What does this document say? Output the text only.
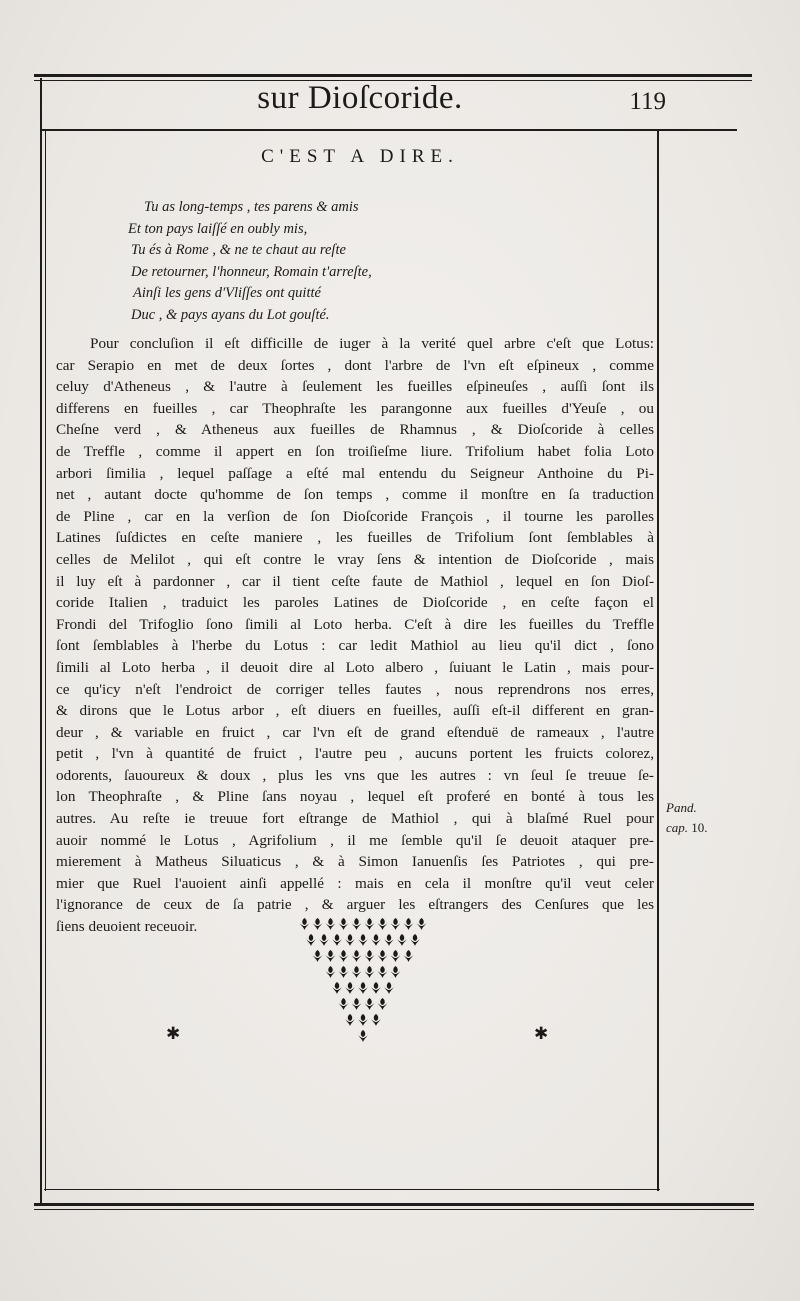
sur Dioſcoride.	119
C'EST A DIRE.
Tu as long-temps , tes parens & amis
Et ton pays laiſſé en oubly mis,
Tu és à Rome , & ne te chaut au reſte
De retourner, l'honneur, Romain t'arreſte,
Ainſi les gens d'Vliſſes ont quitté
Duc , & pays ayans du Lot gouſté.
Pour concluſion il eſt difficille de iuger à la verité quel arbre c'eſt que Lotus:
car Serapio en met de deux ſortes , dont l'arbre de l'vn eſt eſpineux , comme
celuy d'Atheneus , & l'autre à ſeulement les fueilles eſpineuſes , auſſi ſont ils
differens en fueilles , car Theophraſte les parangonne aux fueilles d'Yeuſe , ou
Cheſne verd , & Atheneus aux fueilles de Rhamnus , & Dioſcoride à celles
de Treffle , comme il appert en ſon troiſieſme liure. Trifolium habet folia Loto
arbori ſimilia , lequel paſſage a eſté mal entendu du Seigneur Anthoine du Pi-
net , autant docte qu'homme de ſon temps , comme il monſtre en ſa traduction
de Pline , car en la verſion de ſon Dioſcoride François , il tourne les parolles
Latines ſuſdictes en ceſte maniere , les fueilles de Trifolium ſont ſemblables à
celles de Melilot , qui eſt contre le vray ſens & intention de Dioſcoride , mais
il luy eſt à pardonner , car il tient ceſte faute de Mathiol , lequel en ſon Dioſ-
coride Italien , traduict les paroles Latines de Dioſcoride , en ceſte façon el
Frondi del Trifoglio ſono ſimili al Loto herba. C'eſt à dire les fueilles du Treffle
ſont ſemblables à l'herbe du Lotus : car ledit Mathiol au lieu qu'il dict , ſono
ſimili al Loto herba , il deuoit dire al Loto albero , ſuiuant le Latin , mais pour-
ce qu'icy n'eſt l'endroict de corriger telles fautes , nous reprendrons nos erres,
& dirons que le Lotus arbor , eſt diuers en fueilles, auſſi eſt-il different en gran-
deur , & variable en fruict , car l'vn eſt de grand eſtenduë de rameaux , l'autre
petit , l'vn à quantité de fruict , l'autre peu , aucuns portent les fruicts colorez,
odorents, ſauoureux & doux , plus les vns que les autres : vn ſeul ſe treuue ſe-
lon Theophraſte , & Pline ſans noyau , lequel eſt proferé en bonté à tous les
autres. Au reſte ie treuue fort eſtrange de Mathiol , qui à blaſmé Ruel pour
auoir nommé le Lotus , Agrifolium , il me ſemble qu'il ſe deuoit ataquer pre-
mierement à Matheus Siluaticus , & à Simon Ianuenſis ſes Patriotes , qui pre-
mier que Ruel l'auoient ainſi appellé : mais en cela il monſtre qu'il veut celer
l'ignorance de ceux de ſa patrie , & arguer les eſtrangers des Cenſures que les
ſiens deuoient receuoir.
Pand.
cap. 10.
✱	✱
